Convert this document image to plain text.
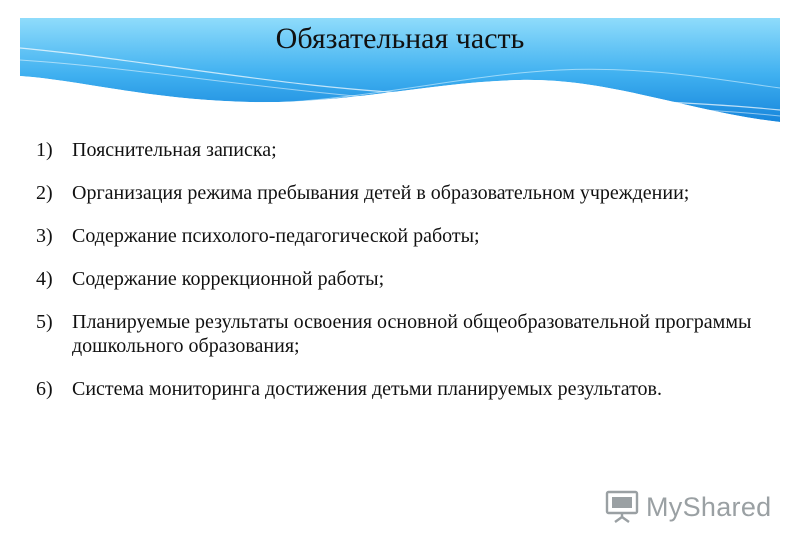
Обязательная часть
1) Пояснительная записка;
2) Организация режима пребывания детей в образовательном учреждении;
3) Содержание психолого-педагогической работы;
4) Содержание коррекционной работы;
5) Планируемые результаты освоения основной общеобразовательной программы дошкольного образования;
6) Система мониторинга достижения детьми планируемых результатов.
MyShared
